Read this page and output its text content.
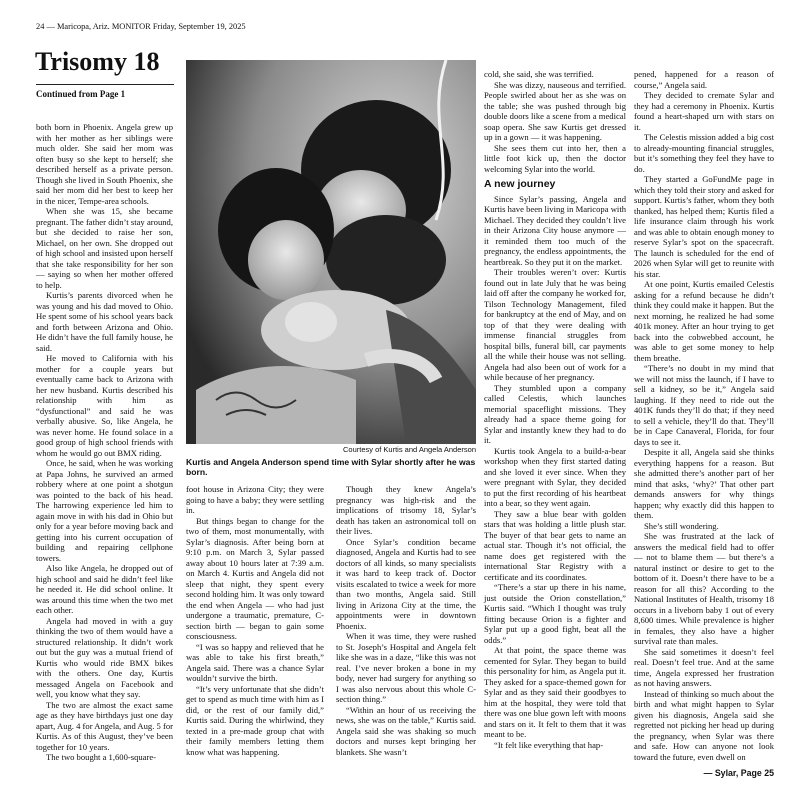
24 — Maricopa, Ariz. MONITOR Friday, September 19, 2025
Trisomy 18
Continued from Page 1

both born in Phoenix. Angela grew up with her mother as her siblings were much older. She said her mom was often busy so she kept to herself; she described herself as a private person. Though she lived in South Phoenix, she said her mom did her best to keep her in the nicer, Tempe-area schools.

When she was 15, she became pregnant. The father didn’t stay around, but she decided to raise her son, Michael, on her own. She dropped out of high school and insisted upon herself that she take responsibility for her son — saying so when her mother offered to help.

Kurtis’s parents divorced when he was young and his dad moved to Ohio. He spent some of his school years back and forth between Arizona and Ohio. He didn’t have the full family house, he said.

He moved to California with his mother for a couple years but eventually came back to Arizona with her new husband. Kurtis described his relationship with him as “dysfunctional” and said he was verbally abusive. So, like Angela, he was never home. He found solace in a good group of high school friends with whom he would go out BMX riding.

Once, he said, when he was working at Papa Johns, he survived an armed robbery where at one point a shotgun was pointed to the back of his head. The harrowing experience led him to again move in with his dad in Ohio but only for a year before moving back and getting into his current occupation of building and repairing cellphone towers.

Also like Angela, he dropped out of high school and said he didn’t feel like he needed it. He did school online. It was around this time when the two met each other.

Angela had moved in with a guy thinking the two of them would have a structured relationship. It didn’t work out but the guy was a mutual friend of Kurtis who would ride BMX bikes with the others. One day, Kurtis messaged Angela on Facebook and well, you know what they say.

The two are almost the exact same age as they have birthdays just one day apart, Aug. 4 for Angela, and Aug. 5 for Kurtis. As of this August, they’ve been together for 10 years.

The two bought a 1,600-square-

Courtesy of Kurtis and Angela Anderson
Kurtis and Angela Anderson spend time with Sylar shortly after he was born.

foot house in Arizona City; they were going to have a baby; they were settling in.

But things began to change for the two of them, most monumentally, with Sylar’s diagnosis. After being born at 9:10 p.m. on March 3, Sylar passed away about 10 hours later at 7:39 a.m. on March 4. Kurtis and Angela did not sleep that night, they spent every second holding him. It was only toward the end when Angela — who had just undergone a traumatic, premature, C-section birth — began to gain some consciousness.

“I was so happy and relieved that he was able to take his first breath,” Angela said. There was a chance Sylar wouldn’t survive the birth.

“It’s very unfortunate that she didn’t get to spend as much time with him as I did, or the rest of our family did,” Kurtis said. During the whirlwind, they texted in a pre-made group chat with their family members letting them know what was happening.

Though they knew Angela’s pregnancy was high-risk and the implications of trisomy 18, Sylar’s death has taken an astronomical toll on their lives.

Once Sylar’s condition became diagnosed, Angela and Kurtis had to see doctors of all kinds, so many specialists it was hard to keep track of. Doctor visits escalated to twice a week for more than two months, Angela said. Still living in Arizona City at the time, the appointments were in downtown Phoenix.

When it was time, they were rushed to St. Joseph’s Hospital and Angela felt like she was in a daze, “like this was not real. I’ve never broken a bone in my body, never had surgery for anything so I was also nervous about this whole C-section thing.”

“Within an hour of us receiving the news, she was on the table,” Kurtis said. Angela said she was shaking so much doctors and nurses kept bringing her blankets. She wasn’t

cold, she said, she was terrified.

She was dizzy, nauseous and terrified. People swirled about her as she was on the table; she was pushed through big double doors like a scene from a medical soap opera. She saw Kurtis get dressed up in a gown — it was happening.

She sees them cut into her, then a little foot kick up, then the doctor welcoming Sylar into the world.

A new journey

Since Sylar’s passing, Angela and Kurtis have been living in Maricopa with Michael. They decided they couldn’t live in their Arizona City house anymore — it reminded them too much of the pregnancy, the endless appointments, the heartbreak. So they put it on the market.

Their troubles weren’t over: Kurtis found out in late July that he was being laid off after the company he worked for, Tilson Technology Management, filed for bankruptcy at the end of May, and on top of that they were dealing with immense financial struggles from hospital bills, funeral bill, car payments all the while their house was not selling. Angela had also been out of work for a while because of her pregnancy.

They stumbled upon a company called Celestis, which launches memorial spaceflight missions. They already had a space theme going for Sylar and instantly knew they had to do it.

Kurtis took Angela to a build-a-bear workshop when they first started dating and she loved it ever since. When they were pregnant with Sylar, they decided to put the first recording of his heartbeat into a bear, so they went again.

They saw a blue bear with golden stars that was holding a little plush star. The buyer of that bear gets to name an actual star. Though it’s not official, the name does get registered with the international Star Registry with a certificate and its coordinates.

“There’s a star up there in his name, just outside the Orion constellation,” Kurtis said. “Which I thought was truly fitting because Orion is a fighter and Sylar put up a good fight, beat all the odds.”

At that point, the space theme was cemented for Sylar. They began to build this personality for him, as Angela put it. They asked for a space-themed gown for Sylar and as they said their goodbyes to him at the hospital, they were told that there was one blue gown left with moons and stars on it. It felt to them that it was meant to be.

“It felt like everything that hap-

pened, happened for a reason of course,” Angela said.

They decided to cremate Sylar and they had a ceremony in Phoenix. Kurtis found a heart-shaped urn with stars on it.

The Celestis mission added a big cost to already-mounting financial struggles, but it’s something they feel they have to do.

They started a GoFundMe page in which they told their story and asked for support. Kurtis’s father, whom they both thanked, has helped them; Kurtis filed a life insurance claim through his work and was able to obtain enough money to reserve Sylar’s spot on the spacecraft. The launch is scheduled for the end of 2026 when Sylar will get to reunite with his star.

At one point, Kurtis emailed Celestis asking for a refund because he didn’t think they could make it happen. But the next morning, he realized he had some 401k money. After an hour trying to get back into the cobwebbed account, he was able to get some money to help them breathe.

“There’s no doubt in my mind that we will not miss the launch, if I have to sell a kidney, so be it,” Angela said laughing. If they need to ride out the 401K funds they’ll do that; if they need to sell a vehicle, they’ll do that. They’ll be in Cape Canaveral, Florida, for four days to see it.

Despite it all, Angela said she thinks everything happens for a reason. But she admitted there’s another part of her mind that asks, ‘why?’ That other part demands answers for why things happen; why exactly did this happen to them.

She’s still wondering.

She was frustrated at the lack of answers the medical field had to offer — not to blame them — but there’s a natural instinct or desire to get to the bottom of it. Doesn’t there have to be a reason for all this? According to the National Institutes of Health, trisomy 18 occurs in a liveborn baby 1 out of every 8,600 times. While prevalence is higher in females, they also have a higher survival rate than males.

She said sometimes it doesn’t feel real. Doesn’t feel true. And at the same time, Angela expressed her frustration as not having answers.

Instead of thinking so much about the birth and what might happen to Sylar given his diagnosis, Angela said she regretted not picking her head up during the pregnancy, when Sylar was there and safe. How can anyone not look toward the future, even dwell on

— Sylar, Page 25
